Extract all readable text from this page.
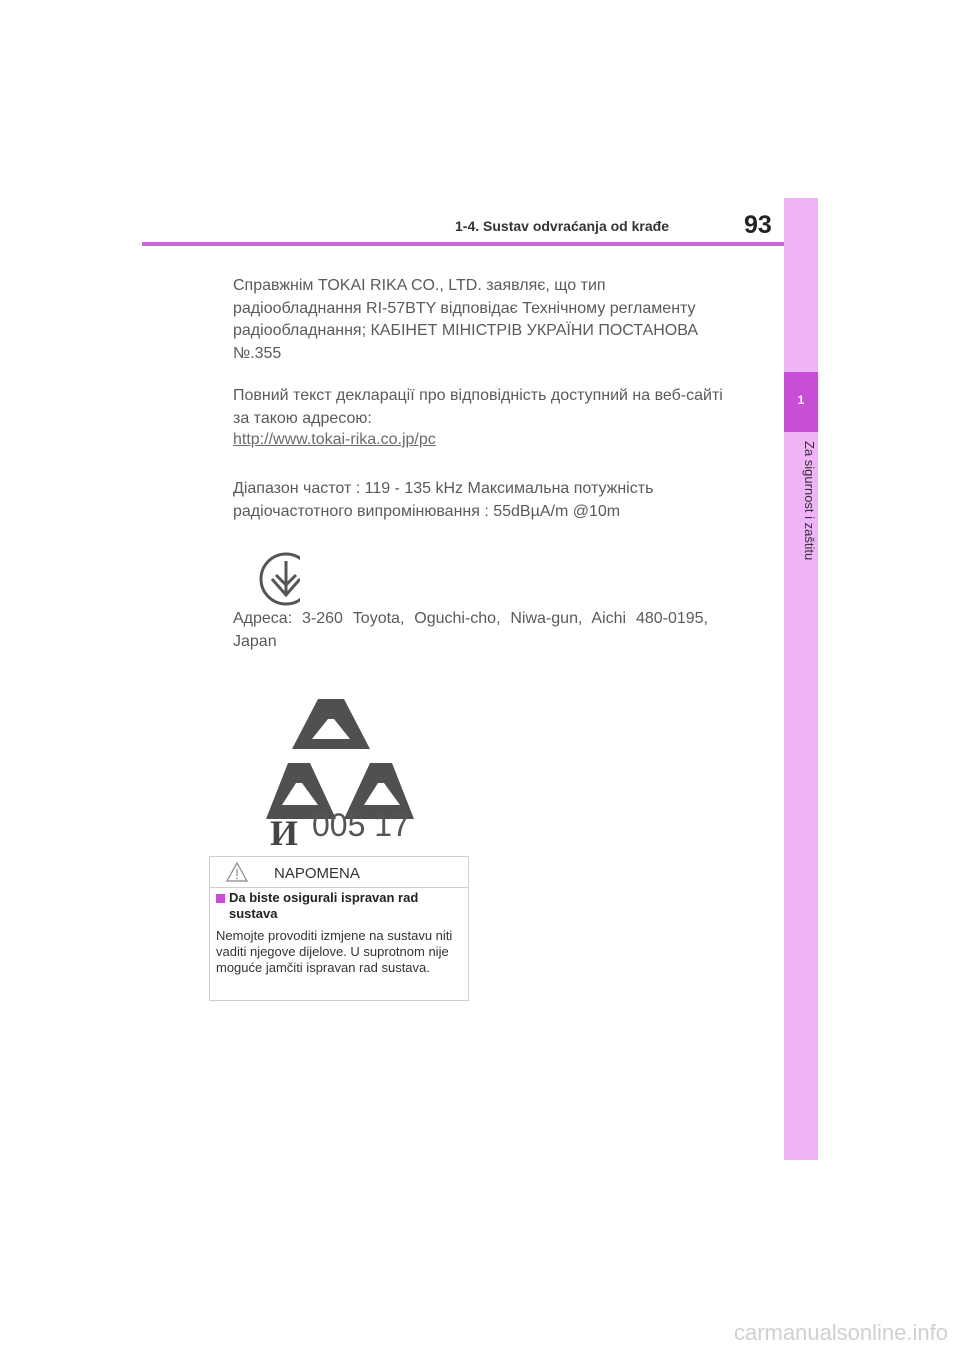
1-4. Sustav odvraćanja od krađe	93
1
Za sigurnost i zaštitu
Справжнім TOKAI RIKA CO., LTD. заявляє, що тип радіообладнання RI-57BTY відповідає Технічному регламенту радіообладнання; КАБІНЕТ МІНІСТРІВ УКРАЇНИ ПОСТАНОВА №.355
Повний текст декларації про відповідність доступний на веб-сайті за такою адресою:
http://www.tokai-rika.co.jp/pc
Діапазон частот : 119 - 135 kHz Максимальна потужність радіочастотного випромінювання : 55dBµA/m @10m
Адреса: 3-260 Toyota, Oguchi-cho, Niwa-gun, Aichi 480-0195, Japan
И 005 17
NAPOMENA
Da biste osigurali ispravan rad sustava
Nemojte provoditi izmjene na sustavu niti vaditi njegove dijelove. U suprotnom nije moguće jamčiti ispravan rad sustava.
carmanualsonline.info
